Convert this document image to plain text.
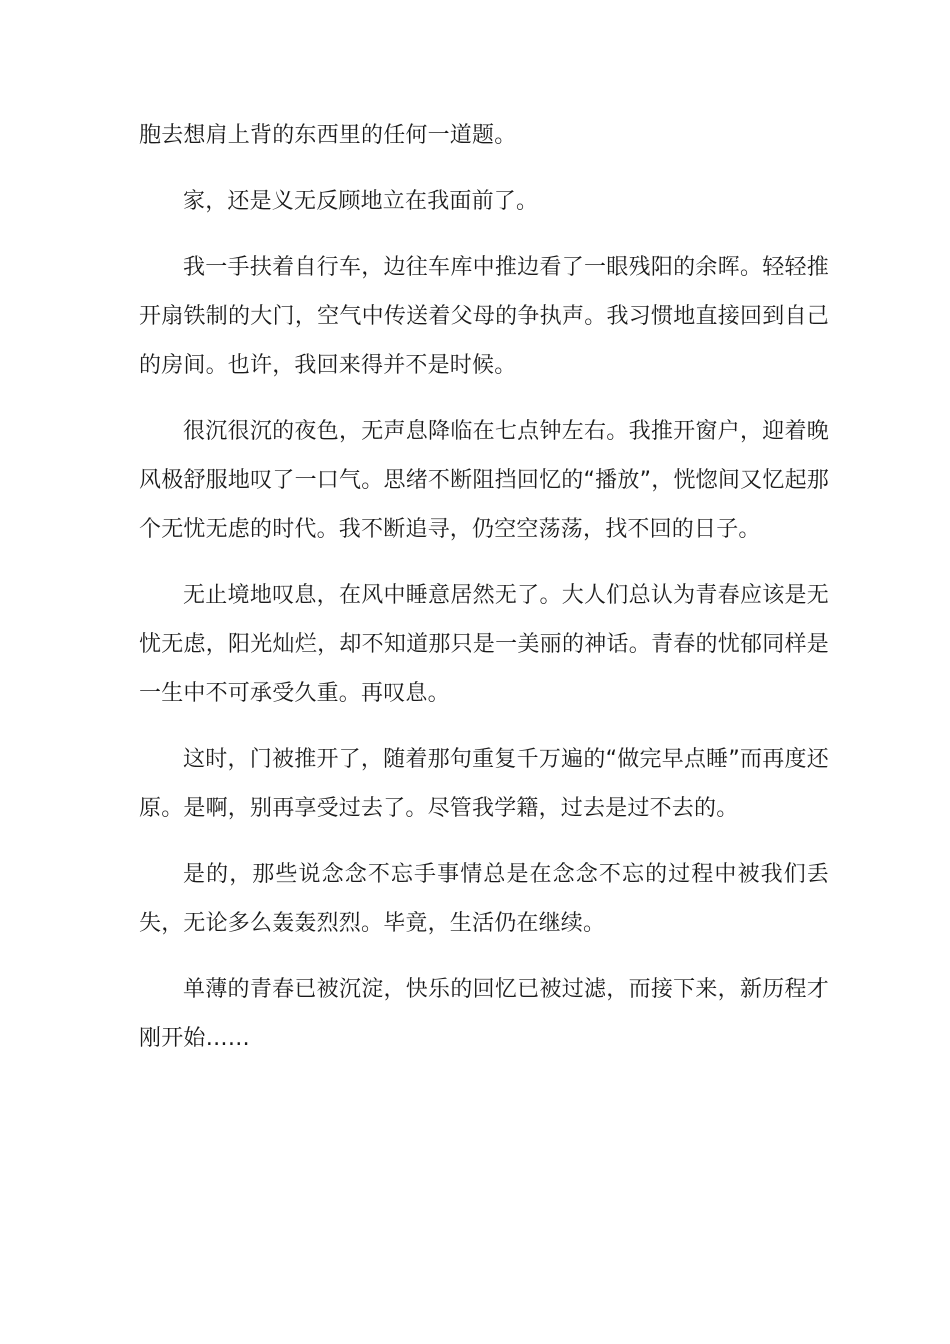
胞去想肩上背的东西里的任何一道题。

家，还是义无反顾地立在我面前了。

我一手扶着自行车，边往车库中推边看了一眼残阳的余晖。轻轻推开扇铁制的大门，空气中传送着父母的争执声。我习惯地直接回到自己的房间。也许，我回来得并不是时候。

很沉很沉的夜色，无声息降临在七点钟左右。我推开窗户，迎着晚风极舒服地叹了一口气。思绪不断阻挡回忆的“播放”，恍惚间又忆起那个无忧无虑的时代。我不断追寻，仍空空荡荡，找不回的日子。

无止境地叹息，在风中睡意居然无了。大人们总认为青春应该是无忧无虑，阳光灿烂，却不知道那只是一美丽的神话。青春的忧郁同样是一生中不可承受久重。再叹息。

这时，门被推开了，随着那句重复千万遍的“做完早点睡”而再度还原。是啊，别再享受过去了。尽管我学籍，过去是过不去的。

是的，那些说念念不忘手事情总是在念念不忘的过程中被我们丢失，无论多么轰轰烈烈。毕竟，生活仍在继续。

单薄的青春已被沉淀，快乐的回忆已被过滤，而接下来，新历程才刚开始……
